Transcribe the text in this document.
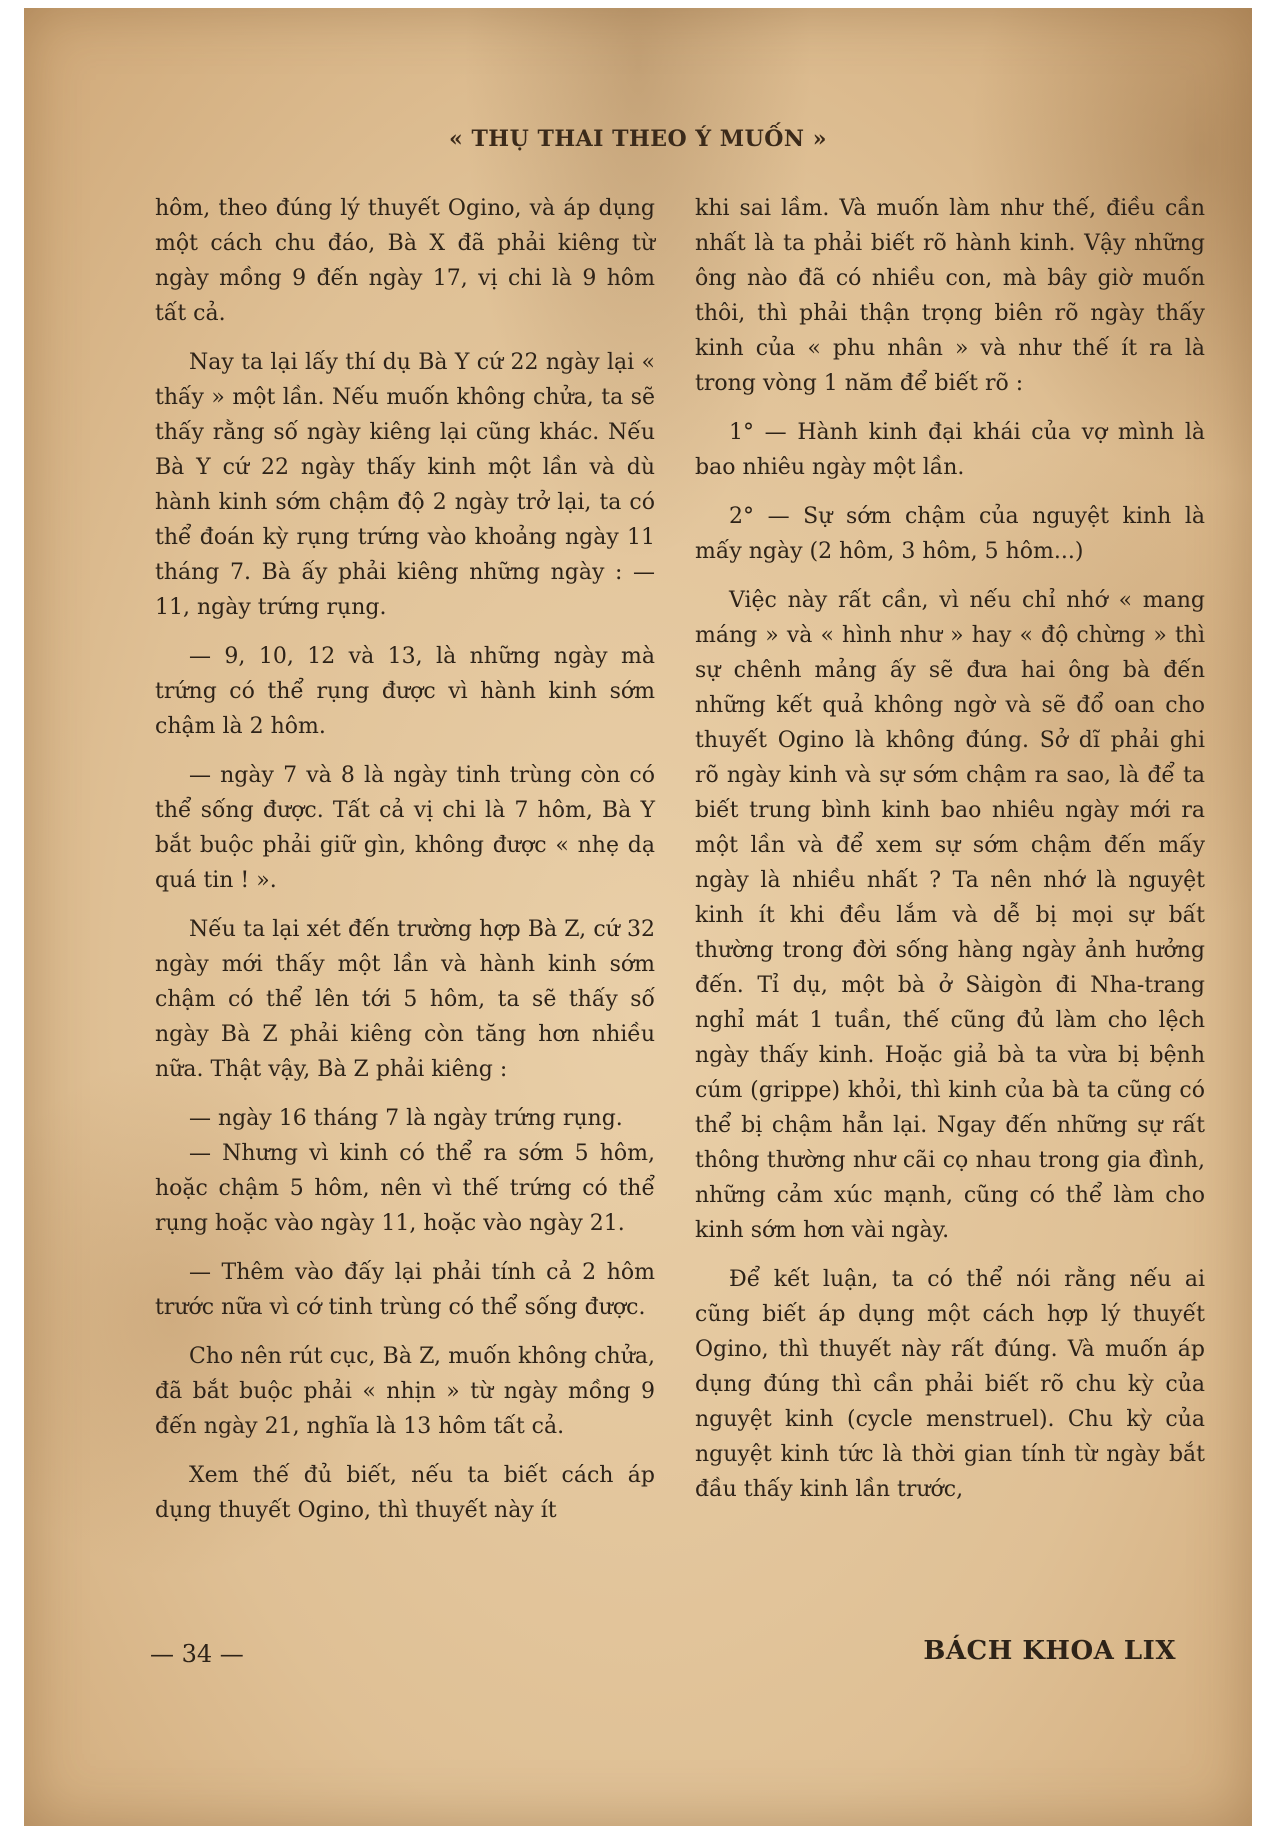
« THỤ THAI THEO Ý MUỐN »

hôm, theo đúng lý thuyết Ogino, và áp dụng một cách chu đáo, Bà X đã phải kiêng từ ngày mồng 9 đến ngày 17, vị chi là 9 hôm tất cả.

Nay ta lại lấy thí dụ Bà Y cứ 22 ngày lại « thấy » một lần. Nếu muốn không chửa, ta sẽ thấy rằng số ngày kiêng lại cũng khác. Nếu Bà Y cứ 22 ngày thấy kinh một lần và dù hành kinh sớm chậm độ 2 ngày trở lại, ta có thể đoán kỳ rụng trứng vào khoảng ngày 11 tháng 7. Bà ấy phải kiêng những ngày : — 11, ngày trứng rụng.

— 9, 10, 12 và 13, là những ngày mà trứng có thể rụng được vì hành kinh sớm chậm là 2 hôm.

— ngày 7 và 8 là ngày tinh trùng còn có thể sống được. Tất cả vị chi là 7 hôm, Bà Y bắt buộc phải giữ gìn, không được « nhẹ dạ quá tin ! ».

Nếu ta lại xét đến trường hợp Bà Z, cứ 32 ngày mới thấy một lần và hành kinh sớm chậm có thể lên tới 5 hôm, ta sẽ thấy số ngày Bà Z phải kiêng còn tăng hơn nhiều nữa. Thật vậy, Bà Z phải kiêng :

— ngày 16 tháng 7 là ngày trứng rụng.

— Nhưng vì kinh có thể ra sớm 5 hôm, hoặc chậm 5 hôm, nên vì thế trứng có thể rụng hoặc vào ngày 11, hoặc vào ngày 21.

— Thêm vào đấy lại phải tính cả 2 hôm trước nữa vì cớ tinh trùng có thể sống được.

Cho nên rút cục, Bà Z, muốn không chửa, đã bắt buộc phải « nhịn » từ ngày mồng 9 đến ngày 21, nghĩa là 13 hôm tất cả.

Xem thế đủ biết, nếu ta biết cách áp dụng thuyết Ogino, thì thuyết này ít

khi sai lầm. Và muốn làm như thế, điều cần nhất là ta phải biết rõ hành kinh. Vậy những ông nào đã có nhiều con, mà bây giờ muốn thôi, thì phải thận trọng biên rõ ngày thấy kinh của « phu nhân » và như thế ít ra là trong vòng 1 năm để biết rõ :

1° — Hành kinh đại khái của vợ mình là bao nhiêu ngày một lần.

2° — Sự sớm chậm của nguyệt kinh là mấy ngày (2 hôm, 3 hôm, 5 hôm...)

Việc này rất cần, vì nếu chỉ nhớ « mang máng » và « hình như » hay « độ chừng » thì sự chênh mảng ấy sẽ đưa hai ông bà đến những kết quả không ngờ và sẽ đổ oan cho thuyết Ogino là không đúng. Sở dĩ phải ghi rõ ngày kinh và sự sớm chậm ra sao, là để ta biết trung bình kinh bao nhiêu ngày mới ra một lần và để xem sự sớm chậm đến mấy ngày là nhiều nhất ? Ta nên nhớ là nguyệt kinh ít khi đều lắm và dễ bị mọi sự bất thường trong đời sống hàng ngày ảnh hưởng đến. Tỉ dụ, một bà ở Sàigòn đi Nha-trang nghỉ mát 1 tuần, thế cũng đủ làm cho lệch ngày thấy kinh. Hoặc giả bà ta vừa bị bệnh cúm (grippe) khỏi, thì kinh của bà ta cũng có thể bị chậm hẳn lại. Ngay đến những sự rất thông thường như cãi cọ nhau trong gia đình, những cảm xúc mạnh, cũng có thể làm cho kinh sớm hơn vài ngày.

Để kết luận, ta có thể nói rằng nếu ai cũng biết áp dụng một cách hợp lý thuyết Ogino, thì thuyết này rất đúng. Và muốn áp dụng đúng thì cần phải biết rõ chu kỳ của nguyệt kinh (cycle menstruel). Chu kỳ của nguyệt kinh tức là thời gian tính từ ngày bắt đầu thấy kinh lần trước,

— 34 —	BÁCH KHOA LIX
